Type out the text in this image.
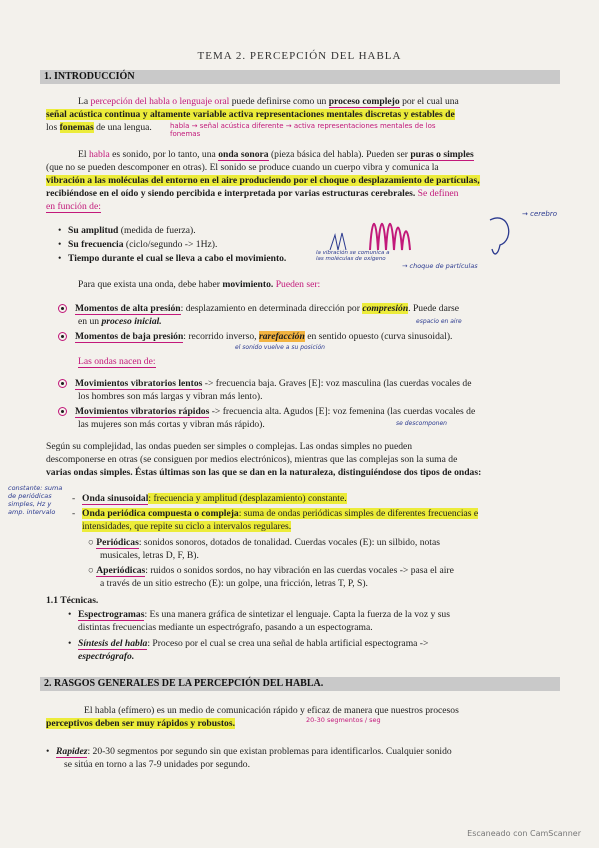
TEMA 2. PERCEPCIÓN DEL HABLA
1. INTRODUCCIÓN
La percepción del habla o lenguaje oral puede definirse como un proceso complejo por el cual una
señal acústica continua y altamente variable activa representaciones mentales discretas y estables de
los fonemas de una lengua.	habla → señal acústica diferente → activa representaciones mentales de los fonemas
El habla es sonido, por lo tanto, una onda sonora (pieza básica del habla). Pueden ser puras o simples
(que no se pueden descomponer en otras). El sonido se produce cuando un cuerpo vibra y comunica la
vibración a las moléculas del entorno en el aire produciendo por el choque o desplazamiento de partículas,
recibiéndose en el oído y siendo percibida e interpretada por varias estructuras cerebrales. Se definen
en función de:
• Su amplitud (medida de fuerza).
• Su frecuencia (ciclo/segundo -> 1Hz).
• Tiempo durante el cual se lleva a cabo el movimiento.
→ cerebro
la vibración se comunica a las moléculas de oxígeno
→ choque de partículas
Para que exista una onda, debe haber movimiento. Pueden ser:
Momentos de alta presión: desplazamiento en determinada dirección por compresión. Puede darse
en un proceso inicial.	espacio en aire
Momentos de baja presión: recorrido inverso, rarefacción en sentido opuesto (curva sinusoidal).
el sonido vuelve a su posición
Las ondas nacen de:
Movimientos vibratorios lentos -> frecuencia baja. Graves [E]: voz masculina (las cuerdas vocales de
los hombres son más largas y vibran más lento).
Movimientos vibratorios rápidos -> frecuencia alta. Agudos [E]: voz femenina (las cuerdas vocales de
las mujeres son más cortas y vibran más rápido).	se descomponen
Según su complejidad, las ondas pueden ser simples o complejas. Las ondas simples no pueden
descomponerse en otras (se consiguen por medios electrónicos), mientras que las complejas son la suma de
varias ondas simples. Éstas últimas son las que se dan en la naturaleza, distinguiéndose dos tipos de ondas:
constante: suma de periódicas simples, Hz y amp. intervalo
- Onda sinusoidal: frecuencia y amplitud (desplazamiento) constante.
- Onda periódica compuesta o compleja: suma de ondas periódicas simples de diferentes frecuencias e
intensidades, que repite su ciclo a intervalos regulares.
○ Periódicas: sonidos sonoros, dotados de tonalidad. Cuerdas vocales (E): un silbido, notas
musicales, letras D, F, B).
○ Aperiódicas: ruidos o sonidos sordos, no hay vibración en las cuerdas vocales -> pasa el aire
a través de un sitio estrecho (E): un golpe, una fricción, letras T, P, S).
1.1 Técnicas.
• Espectrogramas: Es una manera gráfica de sintetizar el lenguaje. Capta la fuerza de la voz y sus
distintas frecuencias mediante un espectrógrafo, pasando a un espectograma.
• Síntesis del habla: Proceso por el cual se crea una señal de habla artificial espectograma ->
espectrógrafo.
2. RASGOS GENERALES DE LA PERCEPCIÓN DEL HABLA.
El habla (efímero) es un medio de comunicación rápido y eficaz de manera que nuestros procesos
perceptivos deben ser muy rápidos y robustos.	20-30 segmentos / seg
• Rapidez: 20-30 segmentos por segundo sin que existan problemas para identificarlos. Cualquier sonido
se sitúa en torno a las 7-9 unidades por segundo.
Escaneado con CamScanner
